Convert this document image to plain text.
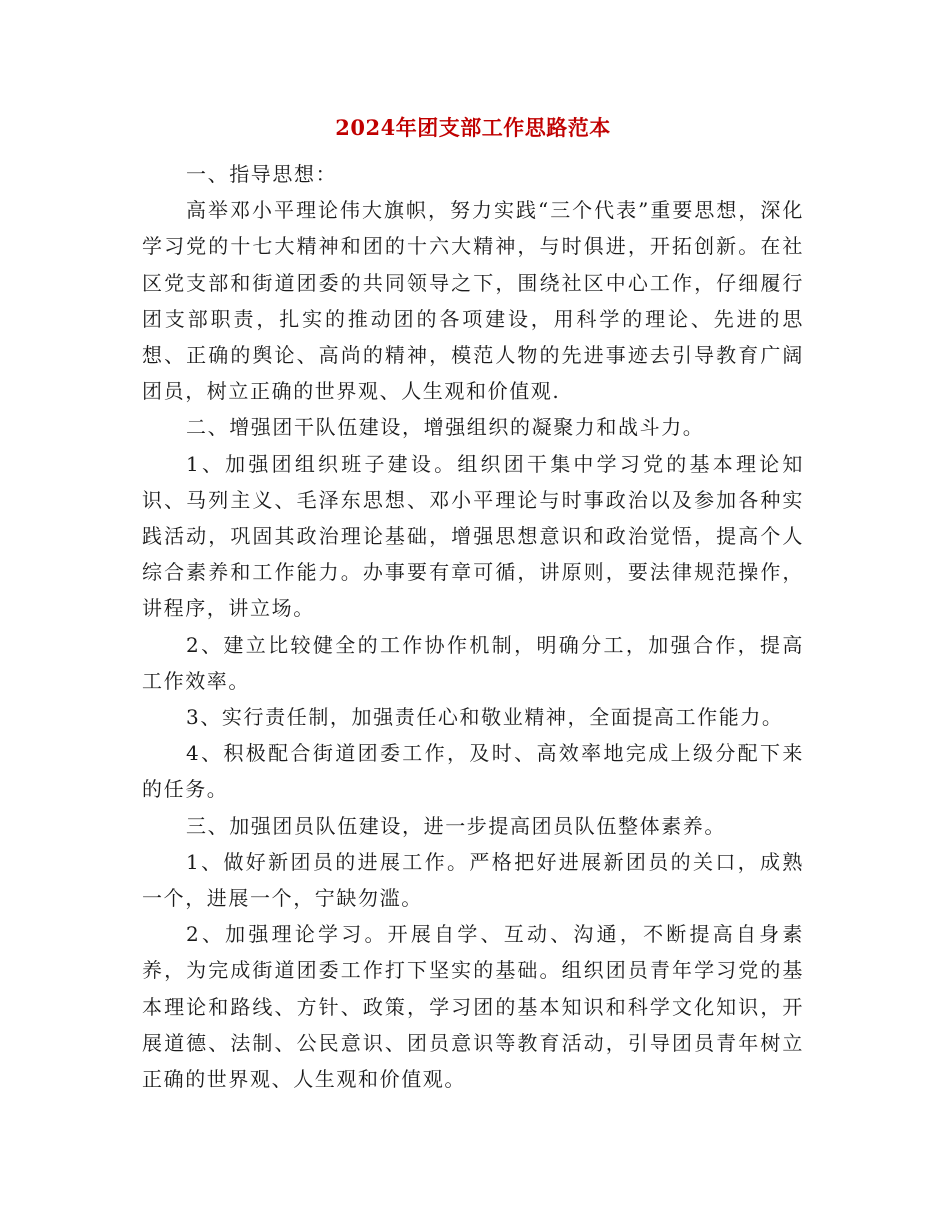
2024年团支部工作思路范本

一、指导思想：

高举邓小平理论伟大旗帜，努力实践“三个代表”重要思想，深化学习党的十七大精神和团的十六大精神，与时俱进，开拓创新。在社区党支部和街道团委的共同领导之下，围绕社区中心工作，仔细履行团支部职责，扎实的推动团的各项建设，用科学的理论、先进的思想、正确的舆论、高尚的精神，模范人物的先进事迹去引导教育广阔团员，树立正确的世界观、人生观和价值观.

二、增强团干队伍建设，增强组织的凝聚力和战斗力。

1、加强团组织班子建设。组织团干集中学习党的基本理论知识、马列主义、毛泽东思想、邓小平理论与时事政治以及参加各种实践活动，巩固其政治理论基础，增强思想意识和政治觉悟，提高个人综合素养和工作能力。办事要有章可循，讲原则，要法律规范操作，讲程序，讲立场。

2、建立比较健全的工作协作机制，明确分工，加强合作，提高工作效率。

3、实行责任制，加强责任心和敬业精神，全面提高工作能力。

4、积极配合街道团委工作，及时、高效率地完成上级分配下来的任务。

三、加强团员队伍建设，进一步提高团员队伍整体素养。

1、做好新团员的进展工作。严格把好进展新团员的关口，成熟一个，进展一个，宁缺勿滥。

2、加强理论学习。开展自学、互动、沟通，不断提高自身素养，为完成街道团委工作打下坚实的基础。组织团员青年学习党的基本理论和路线、方针、政策，学习团的基本知识和科学文化知识，开展道德、法制、公民意识、团员意识等教育活动，引导团员青年树立正确的世界观、人生观和价值观。
